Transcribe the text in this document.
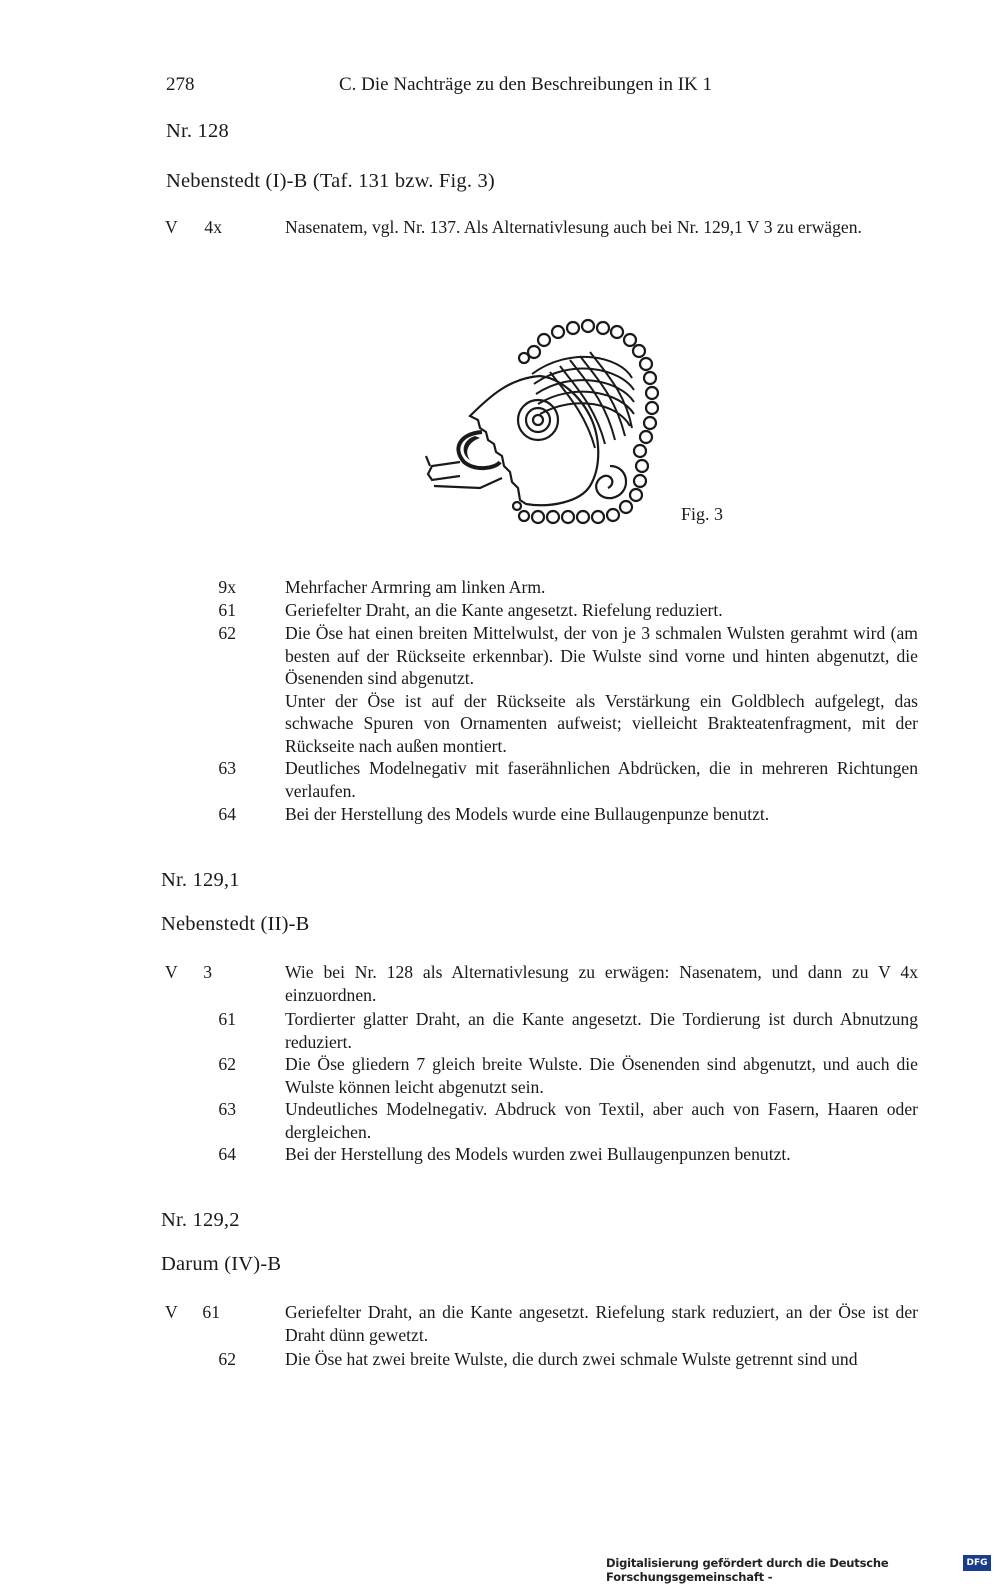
278	C. Die Nachträge zu den Beschreibungen in IK 1
Nr. 128
Nebenstedt (I)-B (Taf. 131 bzw. Fig. 3)
V	4x	Nasenatem, vgl. Nr. 137. Als Alternativlesung auch bei Nr. 129,1 V 3 zu erwägen.

Fig. 3
9x	Mehrfacher Armring am linken Arm.

61	Geriefelter Draht, an die Kante angesetzt. Riefelung reduziert.

62	Die Öse hat einen breiten Mittelwulst, der von je 3 schmalen Wulsten gerahmt wird (am besten auf der Rückseite erkennbar). Die Wulste sind vorne und hinten abgenutzt, die Ösenenden sind abgenutzt.

Unter der Öse ist auf der Rückseite als Verstärkung ein Goldblech aufgelegt, das schwache Spuren von Ornamenten aufweist; vielleicht Brakteatenfragment, mit der Rückseite nach außen montiert.

63	Deutliches Modelnegativ mit faserähnlichen Abdrücken, die in mehreren Richtungen verlaufen.

64	Bei der Herstellung des Models wurde eine Bullaugenpunze benutzt.

Nr. 129,1
Nebenstedt (II)-B
V	3	Wie bei Nr. 128 als Alternativlesung zu erwägen: Nasenatem, und dann zu V 4x einzuordnen.

61	Tordierter glatter Draht, an die Kante angesetzt. Die Tordierung ist durch Abnutzung reduziert.

62	Die Öse gliedern 7 gleich breite Wulste. Die Ösenenden sind abgenutzt, und auch die Wulste können leicht abgenutzt sein.

63	Undeutliches Modelnegativ. Abdruck von Textil, aber auch von Fasern, Haaren oder dergleichen.

64	Bei der Herstellung des Models wurden zwei Bullaugenpunzen benutzt.

Nr. 129,2
Darum (IV)-B
V	61	Geriefelter Draht, an die Kante angesetzt. Riefelung stark reduziert, an der Öse ist der Draht dünn gewetzt.

62	Die Öse hat zwei breite Wulste, die durch zwei schmale Wulste getrennt sind und

Digitalisierung gefördert durch die Deutsche Forschungsgemeinschaft -
DFG
